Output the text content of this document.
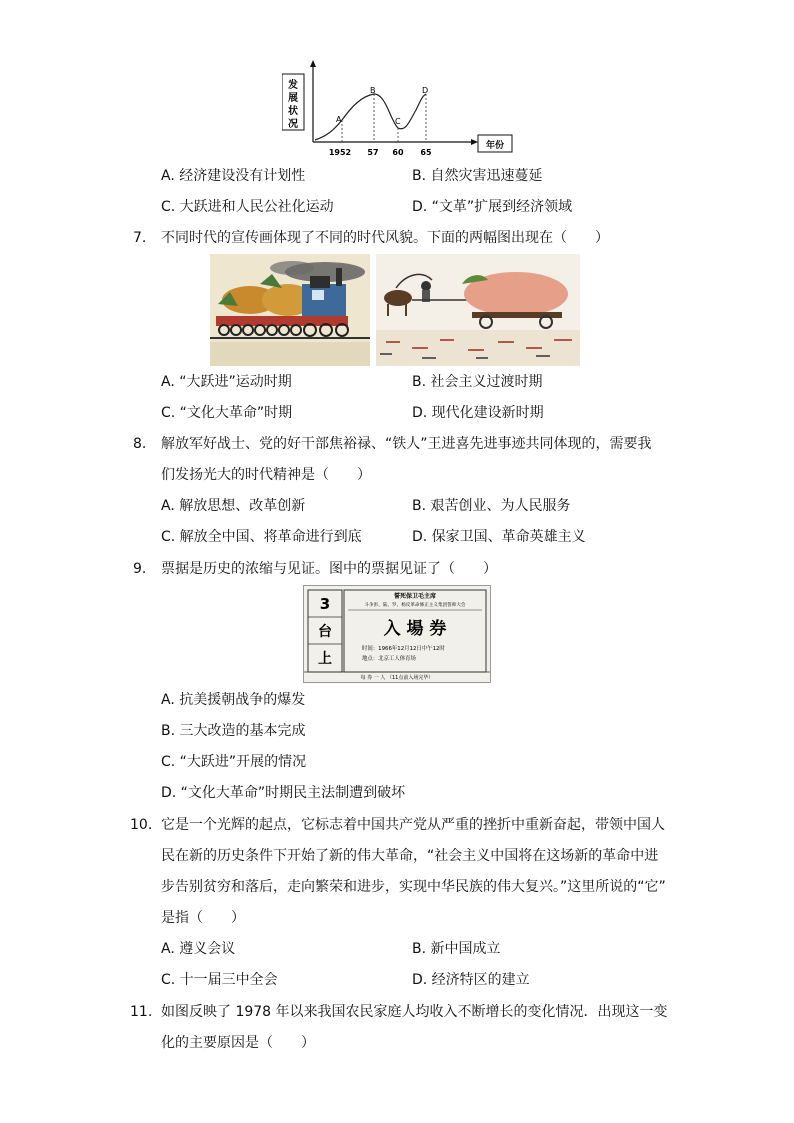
发
展
状
况
年份
A
B
C
D
1952 57 60 65
A. 经济建设没有计划性	B. 自然灾害迅速蔓延
C. 大跃进和人民公社化运动	D. “文革”扩展到经济领域
7. 不同时代的宣传画体现了不同的时代风貌。下面的两幅图出现在（　　）
A. “大跃进”运动时期	B. 社会主义过渡时期
C. “文化大革命”时期	D. 现代化建设新时期
8. 解放军好战士、党的好干部焦裕禄、“铁人”王进喜先进事迹共同体现的，需要我
们发扬光大的时代精神是（　　）
A. 解放思想、改革创新	B. 艰苦创业、为人民服务
C. 解放全中国、将革命进行到底	D. 保家卫国、革命英雄主义
9. 票据是历史的浓缩与见证。图中的票据见证了（　　）
3
台
上
誓死保卫毛主席
斗争彭、陆、罗、杨反革命修正主义集团誓师大会
入 場 券
时间：1966年12月12日中午12时
地点：北京工人体育场
每 券 一 人 （11点前入场完毕）
A. 抗美援朝战争的爆发
B. 三大改造的基本完成
C. “大跃进”开展的情况
D. “文化大革命”时期民主法制遭到破坏
10. 它是一个光辉的起点，它标志着中国共产党从严重的挫折中重新奋起，带领中国人
民在新的历史条件下开始了新的伟大革命，“社会主义中国将在这场新的革命中进
步告别贫穷和落后，走向繁荣和进步，实现中华民族的伟大复兴。”这里所说的“它”
是指（　　）
A. 遵义会议	B. 新中国成立
C. 十一届三中全会	D. 经济特区的建立
11. 如图反映了 1978 年以来我国农民家庭人均收入不断增长的变化情况．出现这一变
化的主要原因是（　　）
